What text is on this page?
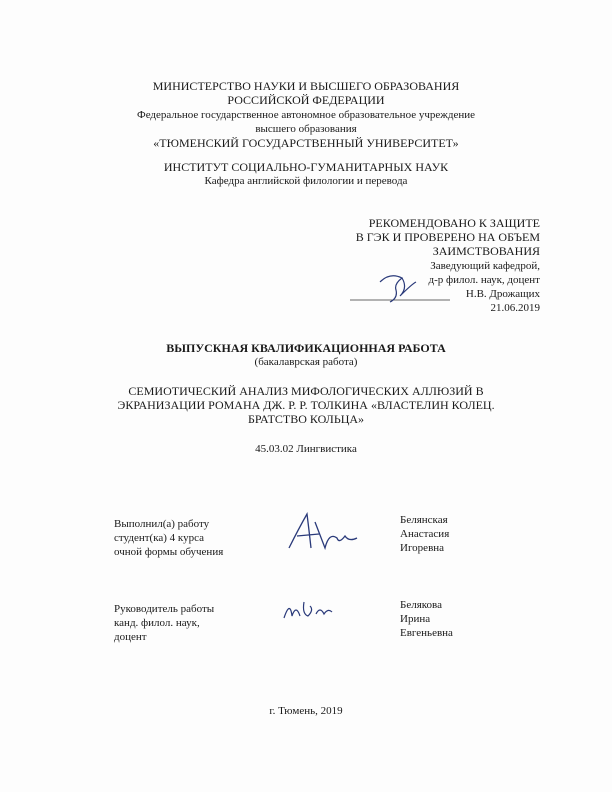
МИНИСТЕРСТВО НАУКИ И ВЫСШЕГО ОБРАЗОВАНИЯ
РОССИЙСКОЙ ФЕДЕРАЦИИ
Федеральное государственное автономное образовательное учреждение
высшего образования
«ТЮМЕНСКИЙ ГОСУДАРСТВЕННЫЙ УНИВЕРСИТЕТ»
ИНСТИТУТ СОЦИАЛЬНО-ГУМАНИТАРНЫХ НАУК
Кафедра английской филологии и перевода
РЕКОМЕНДОВАНО К ЗАЩИТЕ
В ГЭК И ПРОВЕРЕНО НА ОБЪЕМ
ЗАИМСТВОВАНИЯ
Заведующий кафедрой,
д-р филол. наук, доцент
Н.В. Дрожащих
21.06.2019
ВЫПУСКНАЯ КВАЛИФИКАЦИОННАЯ РАБОТА
(бакалаврская работа)
СЕМИОТИЧЕСКИЙ АНАЛИЗ МИФОЛОГИЧЕСКИХ АЛЛЮЗИЙ В
ЭКРАНИЗАЦИИ РОМАНА ДЖ. Р. Р. ТОЛКИНА «ВЛАСТЕЛИН КОЛЕЦ.
БРАТСТВО КОЛЬЦА»
45.03.02 Лингвистика
Выполнил(а) работу
студент(ка) 4 курса
очной формы обучения
Белянская
Анастасия
Игоревна
Руководитель работы
канд. филол. наук,
доцент
Белякова
Ирина
Евгеньевна
г. Тюмень, 2019
